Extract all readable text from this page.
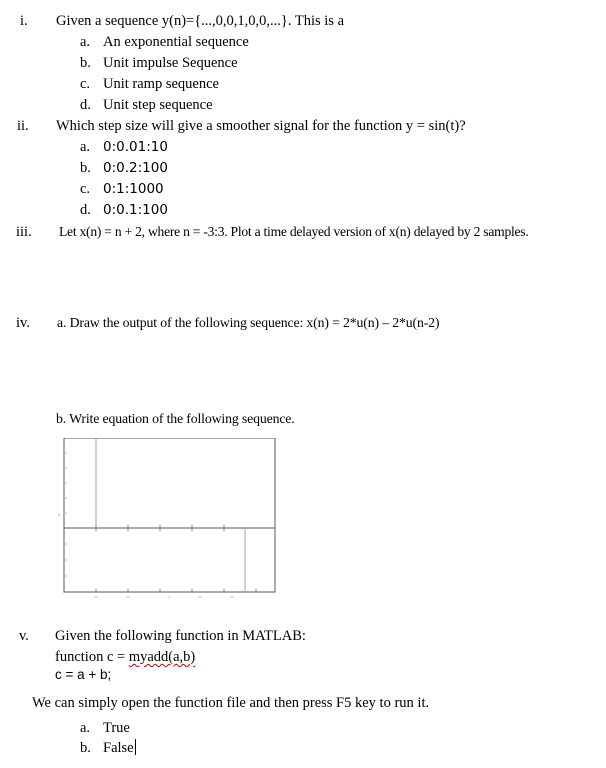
i. Given a sequence y(n)={...,0,0,1,0,0,...}. This is a
a. An exponential sequence
b. Unit impulse Sequence
c. Unit ramp sequence
d. Unit step sequence
ii. Which step size will give a smoother signal for the function y = sin(t)?
a. 0:0.01:10
b. 0:0.2:100
c. 0:1:1000
d. 0:0.1:100
iii. Let x(n) = n + 2, where n = -3:3. Plot a time delayed version of x(n) delayed by 2 samples.
iv. a. Draw the output of the following sequence: x(n) = 2*u(n) – 2*u(n-2)
b. Write equation of the following sequence.
0
v. Given the following function in MATLAB:
function c = myadd(a,b)
c = a + b;
We can simply open the function file and then press F5 key to run it.
a. True
b. False
